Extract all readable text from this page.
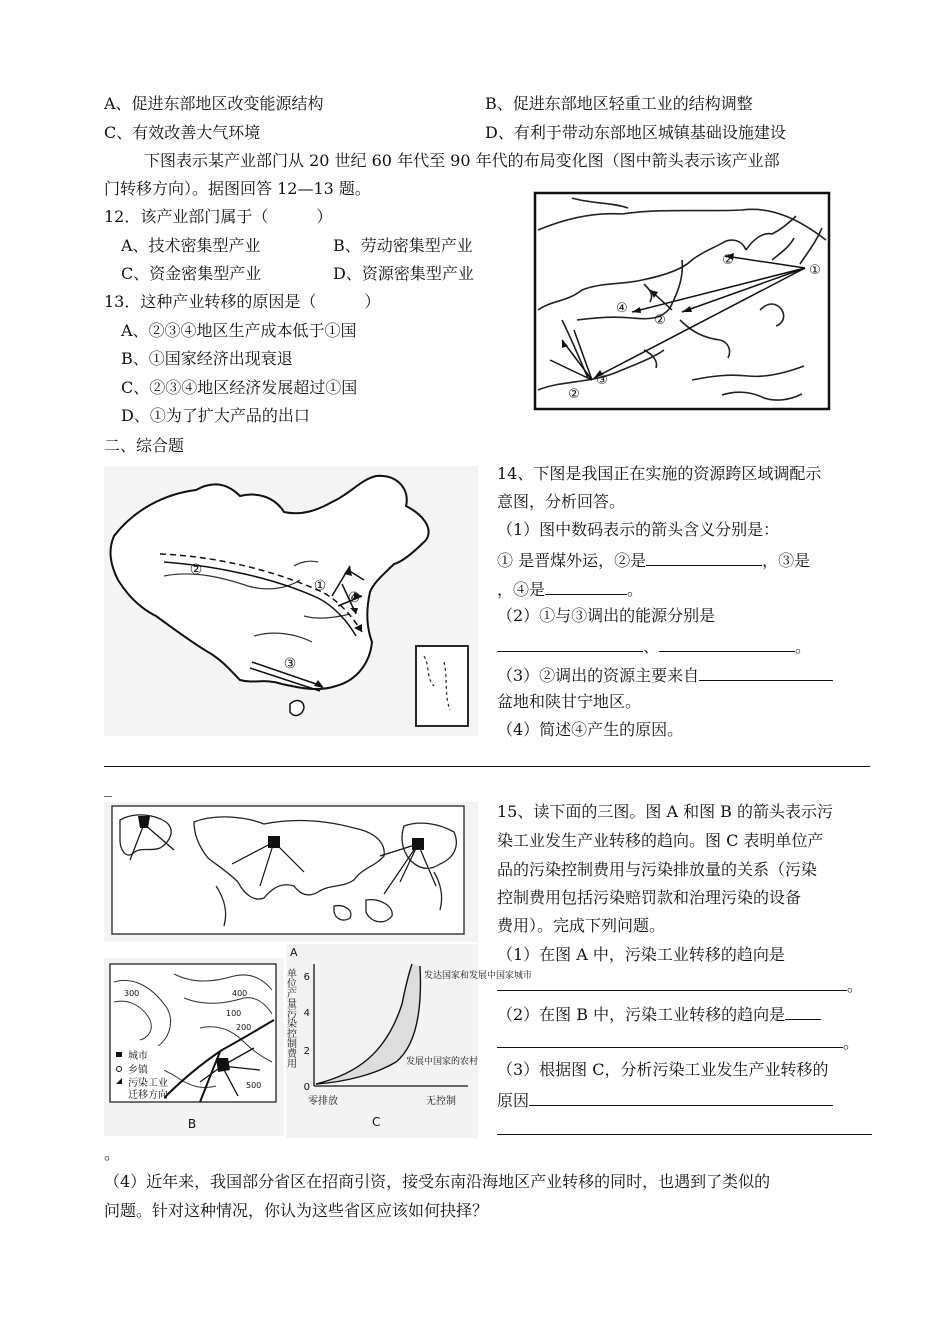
A、促进东部地区改变能源结构	B、促进东部地区轻重工业的结构调整
C、有效改善大气环境	D、有利于带动东部地区城镇基础设施建设
下图表示某产业部门从 20 世纪 60 年代至 90 年代的布局变化图（图中箭头表示该产业部
门转移方向）。据图回答 12—13 题。
12．该产业部门属于（　　　）
A、技术密集型产业	B、劳动密集型产业
C、资金密集型产业	D、资源密集型产业
13．这种产业转移的原因是（　　　）
A、②③④地区生产成本低于①国
B、①国家经济出现衰退
C、②③④地区经济发展超过①国
D、①为了扩大产品的出口
①
②
②
④
③
②
二、综合题
①
②
③
④
14、下图是我国正在实施的资源跨区域调配示
意图，分析回答。
（1）图中数码表示的箭头含义分别是：
① 是晋煤外运，②是	，③是
，④是	。
（2）①与③调出的能源分别是
、	。
（3）②调出的资源主要来自
盆地和陕甘宁地区。
（4）简述④产生的原因。
_
100
200
300	400
500
城市
乡镇
污染工业
迁移方向
B
A
单位产量污染控制费用
0
2
4
6	发达国家和发展中国家城市
发展中国家的农村
零排放	无控制
C
15、读下面的三图。图 A 和图 B 的箭头表示污
染工业发生产业转移的趋向。图 C 表明单位产
品的污染控制费用与污染排放量的关系（污染
控制费用包括污染赔罚款和治理污染的设备
费用）。完成下列问题。
（1）在图 A 中，污染工业转移的趋向是
。
（2）在图 B 中，污染工业转移的趋向是
。
（3）根据图 C，分析污染工业发生产业转移的
原因
。
（4）近年来，我国部分省区在招商引资，接受东南沿海地区产业转移的同时，也遇到了类似的
问题。针对这种情况，你认为这些省区应该如何抉择？
